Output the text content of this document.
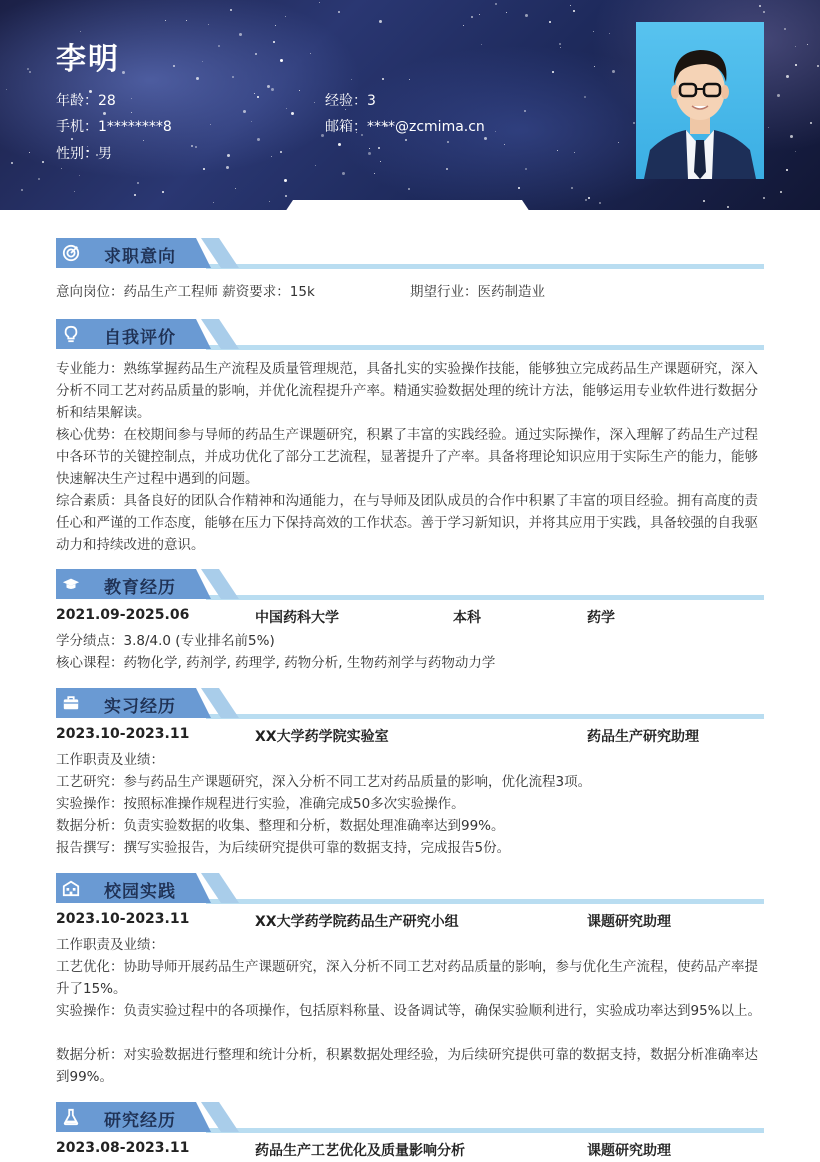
李明
年龄：28	经验：3
手机：1********8	邮箱：****@zcmima.cn
性别：男
求职意向
意向岗位：药品生产工程师 薪资要求：15k	期望行业：医药制造业
自我评价
专业能力：熟练掌握药品生产流程及质量管理规范，具备扎实的实验操作技能，能够独立完成药品生产课题研究，深入分析不同工艺对药品质量的影响，并优化流程提升产率。精通实验数据处理的统计方法，能够运用专业软件进行数据分析和结果解读。
核心优势：在校期间参与导师的药品生产课题研究，积累了丰富的实践经验。通过实际操作，深入理解了药品生产过程中各环节的关键控制点，并成功优化了部分工艺流程，显著提升了产率。具备将理论知识应用于实际生产的能力，能够快速解决生产过程中遇到的问题。
综合素质：具备良好的团队合作精神和沟通能力，在与导师及团队成员的合作中积累了丰富的项目经验。拥有高度的责任心和严谨的工作态度，能够在压力下保持高效的工作状态。善于学习新知识，并将其应用于实践，具备较强的自我驱动力和持续改进的意识。
教育经历
2021.09-2025.06	中国药科大学	本科	药学
学分绩点：3.8/4.0 (专业排名前5%)
核心课程：药物化学, 药剂学, 药理学, 药物分析, 生物药剂学与药物动力学
实习经历
2023.10-2023.11	XX大学药学院实验室	药品生产研究助理
工作职责及业绩：
工艺研究：参与药品生产课题研究，深入分析不同工艺对药品质量的影响，优化流程3项。
实验操作：按照标准操作规程进行实验，准确完成50多次实验操作。
数据分析：负责实验数据的收集、整理和分析，数据处理准确率达到99%。
报告撰写：撰写实验报告，为后续研究提供可靠的数据支持，完成报告5份。
校园实践
2023.10-2023.11	XX大学药学院药品生产研究小组	课题研究助理
工作职责及业绩：
工艺优化：协助导师开展药品生产课题研究，深入分析不同工艺对药品质量的影响，参与优化生产流程，使药品产率提升了15%。
实验操作：负责实验过程中的各项操作，包括原料称量、设备调试等，确保实验顺利进行，实验成功率达到95%以上。
数据分析：对实验数据进行整理和统计分析，积累数据处理经验，为后续研究提供可靠的数据支持，数据分析准确率达到99%。
研究经历
2023.08-2023.11	药品生产工艺优化及质量影响分析	课题研究助理
